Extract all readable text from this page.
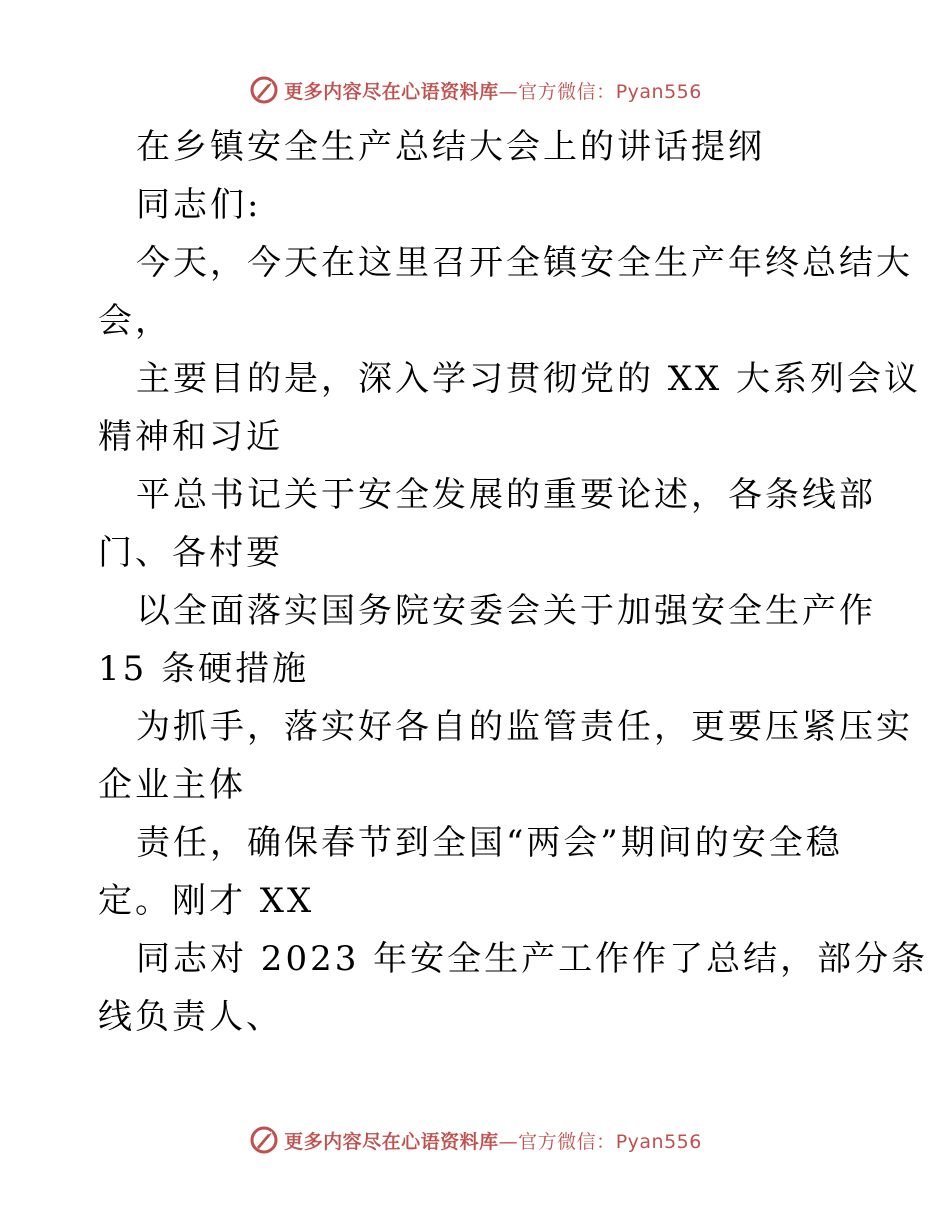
更多内容尽在心语资料库—官方微信：Pyan556
在乡镇安全生产总结大会上的讲话提纲
同志们:
今天，今天在这里召开全镇安全生产年终总结大
会，
主要目的是，深入学习贯彻党的 XX 大系列会议
精神和习近
平总书记关于安全发展的重要论述，各条线部
门、各村要
以全面落实国务院安委会关于加强安全生产作
15 条硬措施
为抓手，落实好各自的监管责任，更要压紧压实
企业主体
责任，确保春节到全国“两会”期间的安全稳
定。刚才 XX
同志对 2023 年安全生产工作作了总结，部分条
线负责人、
更多内容尽在心语资料库—官方微信：Pyan556
